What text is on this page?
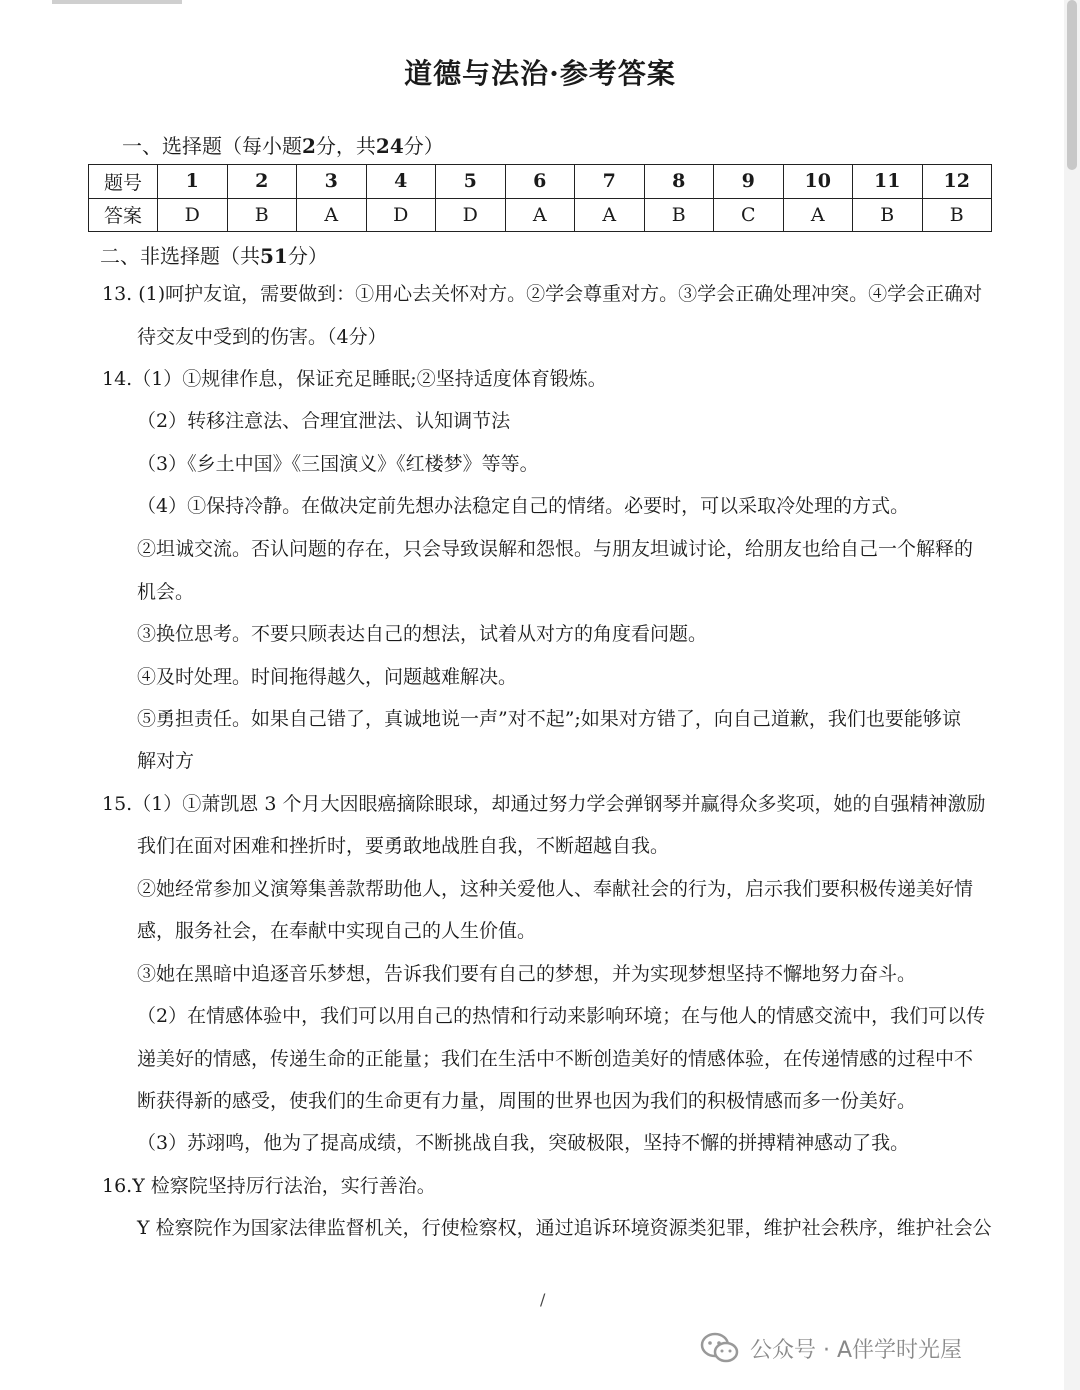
道德与法治·参考答案
一、选择题（每小题2分，共24分）
题号	1	2	3	4	5	6	7	8	9	10	11	12
答案	D	B	A	D	D	A	A	B	C	A	B	B
二、非选择题（共51分）
13. (1)呵护友谊，需要做到：①用心去关怀对方。②学会尊重对方。③学会正确处理冲突。④学会正确对
待交友中受到的伤害。（4分）
14.（1）①规律作息，保证充足睡眠;②坚持适度体育锻炼。
（2）转移注意法、合理宜泄法、认知调节法
（3）《乡土中国》《三国演义》《红楼梦》等等。
（4）①保持冷静。在做决定前先想办法稳定自己的情绪。必要时，可以采取冷处理的方式。
②坦诚交流。否认问题的存在，只会导致误解和怨恨。与朋友坦诚讨论，给朋友也给自己一个解释的
机会。
③换位思考。不要只顾表达自己的想法，试着从对方的角度看问题。
④及时处理。时间拖得越久，问题越难解决。
⑤勇担责任。如果自己错了，真诚地说一声”对不起”;如果对方错了，向自己道歉，我们也要能够谅
解对方
15.（1）①萧凯恩 3 个月大因眼癌摘除眼球，却通过努力学会弹钢琴并赢得众多奖项，她的自强精神激励
我们在面对困难和挫折时，要勇敢地战胜自我，不断超越自我。
②她经常参加义演筹集善款帮助他人，这种关爱他人、奉献社会的行为，启示我们要积极传递美好情
感，服务社会，在奉献中实现自己的人生价值。
③她在黑暗中追逐音乐梦想，告诉我们要有自己的梦想，并为实现梦想坚持不懈地努力奋斗。
（2）在情感体验中，我们可以用自己的热情和行动来影响环境；在与他人的情感交流中，我们可以传
递美好的情感，传递生命的正能量；我们在生活中不断创造美好的情感体验，在传递情感的过程中不
断获得新的感受，使我们的生命更有力量，周围的世界也因为我们的积极情感而多一份美好。
（3）苏翊鸣，他为了提高成绩，不断挑战自我，突破极限，坚持不懈的拼搏精神感动了我。
16.Y 检察院坚持厉行法治，实行善治。
Y 检察院作为国家法律监督机关，行使检察权，通过追诉环境资源类犯罪，维护社会秩序，维护社会公
/
公众号 · A伴学时光屋
